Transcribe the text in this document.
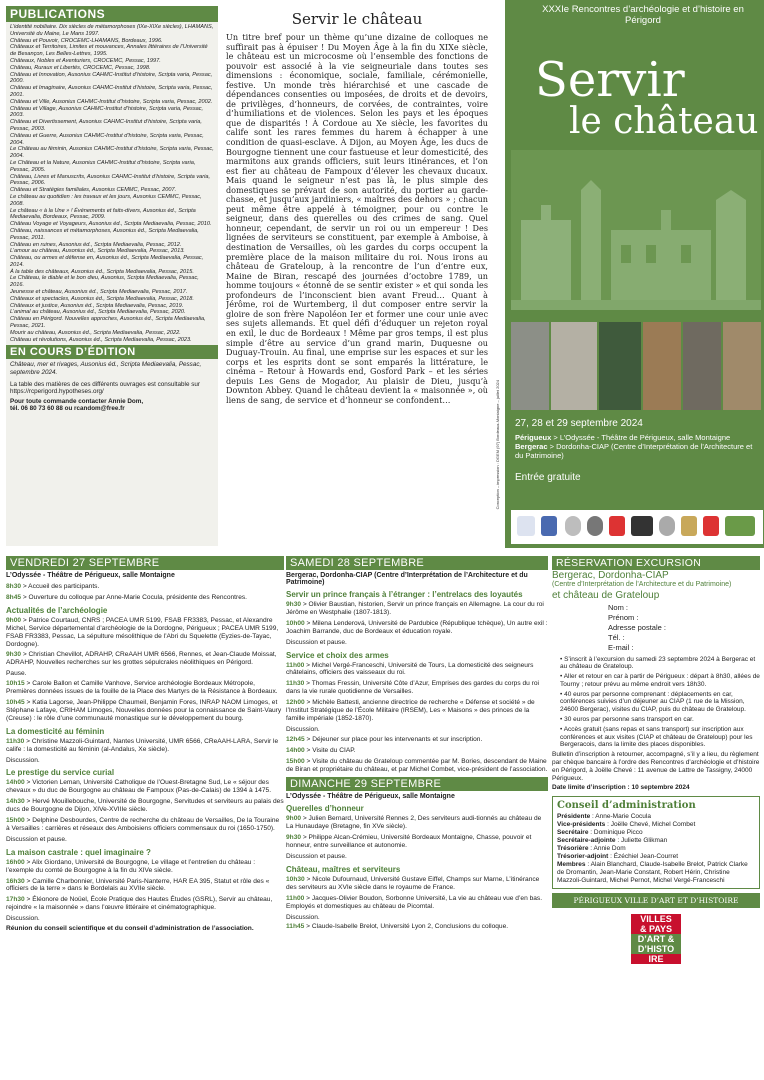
PUBLICATIONS
L’identité nobiliaire. Dix siècles de métamorphoses (IXe-XIXe siècles), LHAMANS, Université du Maine, Le Mans 1997.
Château et Pouvoir, CROCEMC-LHAMANS, Bordeaux, 1996.
Châteaux et Territoires, Limites et mouvances, Annales littéraires de l’Université de Besançon, Les Belles-Lettres, 1995.
Châteaux, Nobles et Aventuriers, CROCEMC, Pessac, 1997.
Château, Ruraux et Libertés, CROCEMC, Pessac, 1998.
Château et Innovation, Ausonius CAHMC-Institut d’histoire, Scripta varia, Pessac, 2000.
Château et Imaginaire, Ausonius CAHMC-Institut d’histoire, Scripta varia, Pessac, 2001.
Château et Ville, Ausonius CAHMC-Institut d’histoire, Scripta varia, Pessac, 2002.
Château et Village, Ausonius CAHMC-Institut d’histoire, Scripta varia, Pessac, 2003.
Château et Divertissement, Ausonius CAHMC-Institut d’histoire, Scripta varia, Pessac, 2003.
Château et Guerre, Ausonius CAHMC-Institut d’histoire, Scripta varia, Pessac, 2004.
Le Château au féminin, Ausonius CAHMC-Institut d’histoire, Scripta varia, Pessac, 2004.
Le Château et la Nature, Ausonius CAHMC-Institut d’histoire, Scripta varia, Pessac, 2005.
Château, Livres et Manuscrits, Ausonius CAHMC-Institut d’histoire, Scripta varia, Pessac, 2006.
Château et Stratégies familiales, Ausonius CEMMC, Pessac, 2007.
Le château au quotidien : les travaux et les jours, Ausonius CEMMC, Pessac, 2008.
Le château « à la Une » ! Événements et faits-divers, Ausonius éd., Scripta Mediaevalia, Bordeaux, Pessac, 2009.
Château Voyage et Voyageurs, Ausonius éd., Scripta Mediaevalia, Pessac, 2010.
Château, naissances et métamorphoses, Ausonius éd., Scripta Mediaevalia, Pessac, 2011.
Château en ruines, Ausonius éd., Scripta Mediaevalia, Pessac, 2012.
L’amour au château, Ausonius éd., Scripta Mediaevalia, Pessac, 2013.
Château, ou armes et défense en, Ausonius éd., Scripta Mediaevalia, Pessac, 2014.
À la table des châteaux, Ausonius éd., Scripta Mediaevalia, Pessac, 2015.
Le Château, le diable et le bon dieu, Ausonius, Scripta Mediaevalia, Pessac, 2016.
Jeunesse et château, Ausonius éd., Scripta Mediaevalia, Pessac, 2017.
Châteaux et spectacles, Ausonius éd., Scripta Mediaevalia, Pessac, 2018.
Châteaux et justice, Ausonius éd., Scripta Mediaevalia, Pessac, 2019.
L’animal au château, Ausonius éd., Scripta Mediaevalia, Pessac, 2020.
Château en Périgord. Nouvelles approches, Ausonius éd., Scripta Mediaevalia, Pessac, 2021.
Mourir au château, Ausonius éd., Scripta Mediaevalia, Pessac, 2022.
Château et révolutions, Ausonius éd., Scripta Mediaevalia, Pessac, 2023.
EN COURS D’ÉDITION
Château, mer et rivages, Ausonius éd., Scripta Mediaevalia, Pessac, septembre 2024.
La table des matières de ces différents ouvrages est consultable sur https://rcperigord.hypotheses.org/
Pour toute commande contacter Annie Dom,
tél. 06 80 73 60 88 ou rcandom@free.fr
Servir le château
Un titre bref pour un thème qu’une dizaine de colloques ne suffirait pas à épuiser ! Du Moyen Âge à la fin du XIXe siècle, le château est un microcosme où l’ensemble des fonctions de pouvoir est associé à la vie seigneuriale dans toutes ses dimensions : économique, sociale, familiale, cérémonielle, festive. Un monde très hiérarchisé et une cascade de dépendances consenties ou imposées, de droits et de devoirs, de privilèges, d’honneurs, de corvées, de contraintes, voire d’humiliations et de violences. Selon les pays et les époques que de disparités ! À Cordoue au Xe siècle, les favorites du calife sont les rares femmes du harem à échapper à une condition de quasi-esclave. À Dijon, au Moyen Âge, les ducs de Bourgogne tiennent une cour fastueuse et leur domesticité, des marmitons aux grands officiers, suit leurs itinérances, et l’on est fier au château de Fampoux d’élever les chevaux ducaux. Mais quand le seigneur n’est pas là, le plus simple des domestiques se prévaut de son autorité, du portier au garde-chasse, et jusqu’aux jardiniers, « maîtres des dehors » ; chacun peut même être appelé à témoigner, pour ou contre le seigneur, dans des querelles ou des crimes de sang. Quel honneur, cependant, de servir un roi ou un empereur ! Des lignées de serviteurs se constituent, par exemple à Amboise, à destination de Versailles, où les gardes du corps occupent la première place de la maison militaire du roi. Nous irons au château de Grateloup, à la rencontre de l’un d’entre eux, Maine de Biran, rescapé des journées d’octobre 1789, un homme toujours « étonné de se sentir exister » et qui sonda les profondeurs de l’inconscient bien avant Freud… Quant à Jérôme, roi de Wurtemberg, il dut composer entre servir la gloire de son frère Napoléon Ier et former une cour unie avec ses sujets allemands. Et quel défi d’éduquer un rejeton royal en exil, le duc de Bordeaux ! Même par gros temps, il est plus simple d’être au service d’un grand marin, Duquesne ou Duguay-Trouin. Au final, une emprise sur les espaces et sur les corps et les esprits dont se sont emparés la littérature, le cinéma – Retour à Howards end, Gosford Park – et les séries depuis Les Gens de Mogador, Au plaisir de Dieu, jusqu’à Downton Abbey. Quand le château devient la « maisonnée », où liens de sang, de service et d’honneur se confondent…	Conception – impression : DGEM (97) Bordeaux-Montaigne – juillet 2024
XXXIe Rencontres d’archéologie et d’histoire en Périgord
Servir
le château
27, 28 et 29 septembre 2024
Périgueux > L’Odyssée - Théâtre de Périgueux, salle Montaigne
Bergerac > Dordonha-CIAP (Centre d’Interprétation de l’Architecture et du Patrimoine)
Entrée gratuite
VENDREDI 27 SEPTEMBRE
L’Odyssée - Théâtre de Périgueux, salle Montaigne
8h30 > Accueil des participants.
8h45 > Ouverture du colloque par Anne-Marie Cocula, présidente des Rencontres.
Actualités de l’archéologie
9h00 > Patrice Courtaud, CNRS ; PACEA UMR 5199, FSAB FR3383, Pessac, et Alexandre Michel, Service départemental d’archéologie de la Dordogne, Périgueux ; PACEA UMR 5199, FSAB FR3383, Pessac, La sépulture mésolithique de l’Abri du Squelette (Eyzies-de-Tayac, Dordogne).
9h30 > Christian Chevillot, ADRAHP, CReAAH UMR 6566, Rennes, et Jean-Claude Moissat, ADRAHP, Nouvelles recherches sur les grottes sépulcrales néolithiques en Périgord.
Pause.
10h15 > Carole Ballon et Camille Vanhove, Service archéologie Bordeaux Métropole, Premières données issues de la fouille de la Place des Martyrs de la Résistance à Bordeaux.
10h45 > Katia Lagorse, Jean-Philippe Chaumeil, Benjamin Fores, INRAP NAOM Limoges, et Stéphane Lafaye, CRIHAM Limoges, Nouvelles données pour la connaissance de Saint-Vaury (Creuse) : le rôle d’une communauté monastique sur le développement du bourg.
La domesticité au féminin
11h30 > Christine Mazzoli-Guintard, Nantes Université, UMR 6566, CReAAH-LARA, Servir le calife : la domesticité au féminin (al-Andalus, Xe siècle).
Discussion.
Le prestige du service curial
14h00 > Victorien Leman, Université Catholique de l’Ouest-Bretagne Sud, Le « séjour des chevaux » du duc de Bourgogne au château de Fampoux (Pas-de-Calais) de 1394 à 1475.
14h30 > Hervé Mouillebouche, Université de Bourgogne, Servitudes et serviteurs au palais des ducs de Bourgogne de Dijon, XIVe-XVIIIe siècle.
15h00 > Delphine Desbourdes, Centre de recherche du château de Versailles, De la Touraine à Versailles : carrières et réseaux des Amboisiens officiers commensaux du roi (1650-1750).
Discussion et pause.
La maison castrale : quel imaginaire ?
16h00 > Alix Giordano, Université de Bourgogne, Le village et l’entretien du château : l’exemple du comté de Bourgogne à la fin du XIVe siècle.
16h30 > Camille Charbonnier, Université Paris-Nanterre, HAR EA 395, Statut et rôle des « officiers de la terre » dans le Bordelais au XVIIe siècle.
17h30 > Éléonore de Noüel, École Pratique des Hautes Études (GSRL), Servir au château, rejoindre « la maisonnée » dans l’œuvre littéraire et cinématographique.
Discussion.
Réunion du conseil scientifique et du conseil d’administration de l’association.
SAMEDI 28 SEPTEMBRE
Bergerac, Dordonha-CIAP (Centre d’Interprétation de l’Architecture et du Patrimoine)
Servir un prince français à l’étranger : l’entrelacs des loyautés
9h30 > Olivier Baustian, historien, Servir un prince français en Allemagne. La cour du roi Jérôme en Westphalie (1807-1813).
10h00 > Milena Lenderová, Université de Pardubice (République tchèque), Un autre exil : Joachim Barrande, duc de Bordeaux et éducation royale.
Discussion et pause.
Service et choix des armes
11h00 > Michel Vergé-Franceschi, Université de Tours, La domesticité des seigneurs châtelains, officiers des vaisseaux du roi.
11h30 > Thomas Fressin, Université Côte d’Azur, Emprises des gardes du corps du roi dans la vie rurale quotidienne de Versailles.
12h00 > Michèle Battesti, ancienne directrice de recherche « Défense et société » de l’Institut Stratégique de l’École Militaire (IRSEM), Les « Maisons » des princes de la famille impériale (1852-1870).
Discussion.
12h45 > Déjeuner sur place pour les intervenants et sur inscription.
14h00 > Visite du CIAP.
15h00 > Visite du château de Grateloup commentée par M. Bories, descendant de Maine de Biran et propriétaire du château, et par Michel Combet, vice-président de l’association.
DIMANCHE 29 SEPTEMBRE
L’Odyssée - Théâtre de Périgueux, salle Montaigne
Querelles d’honneur
9h00 > Julien Bernard, Université Rennes 2, Des serviteurs audi-tionnés au château de La Hunaudaye (Bretagne, fin XVe siècle).
9h30 > Philippe Alcan-Crémieu, Université Bordeaux Montaigne, Chasse, pouvoir et honneur, entre surveillance et autonomie.
Discussion et pause.
Château, maîtres et serviteurs
10h30 > Nicole Dufournaud, Université Gustave Eiffel, Champs sur Marne, L’itinérance des serviteurs au XVIe siècle dans le royaume de France.
11h00 > Jacques-Olivier Boudon, Sorbonne Université, La vie au château vue d’en bas. Employés et domestiques au château de Picomtal.
Discussion.
11h45 > Claude-Isabelle Brelot, Université Lyon 2, Conclusions du colloque.
RÉSERVATION EXCURSION
Bergerac, Dordonha-CIAP
(Centre d’Interprétation de l’Architecture et du Patrimoine)
et château de Grateloup
Nom :
Prénom :
Adresse postale :
Tél. :
E-mail :
• S’inscrit à l’excursion du samedi 23 septembre 2024 à Bergerac et au château de Grateloup.
• Aller et retour en car à partir de Périgueux : départ à 8h30, allées de Tourny ; retour prévu au même endroit vers 18h30.
• 40 euros par personne comprenant : déplacements en car, conférences suivies d’un déjeuner au CIAP (1 rue de la Mission, 24600 Bergerac), visites du CIAP, puis du château de Grateloup.
• 30 euros par personne sans transport en car.
• Accès gratuit (sans repas et sans transport) sur inscription aux conférences et aux visites (CIAP et château de Grateloup) pour les Bergeracois, dans la limite des places disponibles.
Bulletin d’inscription à retourner, accompagné, s’il y a lieu, du règlement par chèque bancaire à l’ordre des Rencontres d’archéologie et d’histoire en Périgord, à Joëlle Chevé : 11 avenue de Lattre de Tassigny, 24000 Périgueux.
Date limite d’inscription : 10 septembre 2024
Conseil d’administration
Présidente : Anne-Marie Cocula
Vice-présidents : Joëlle Chevé, Michel Combet
Secrétaire : Dominique Picco
Secrétaire-adjointe : Juliette Glikman
Trésorière : Annie Dom
Trésorier-adjoint : Ézéchiel Jean-Courret
Membres : Alain Blanchard, Claude-Isabelle Brelot, Patrick Clarke de Dromantin, Jean-Marie Constant, Robert Hérin, Christine Mazzoli-Guintard, Michel Pernot, Michel Vergé-Franceschi
PÉRIGUEUX VILLE D’ART ET D’HISTOIRE
VILLES
& PAYS
D’ART &
D’HISTO
IRE
